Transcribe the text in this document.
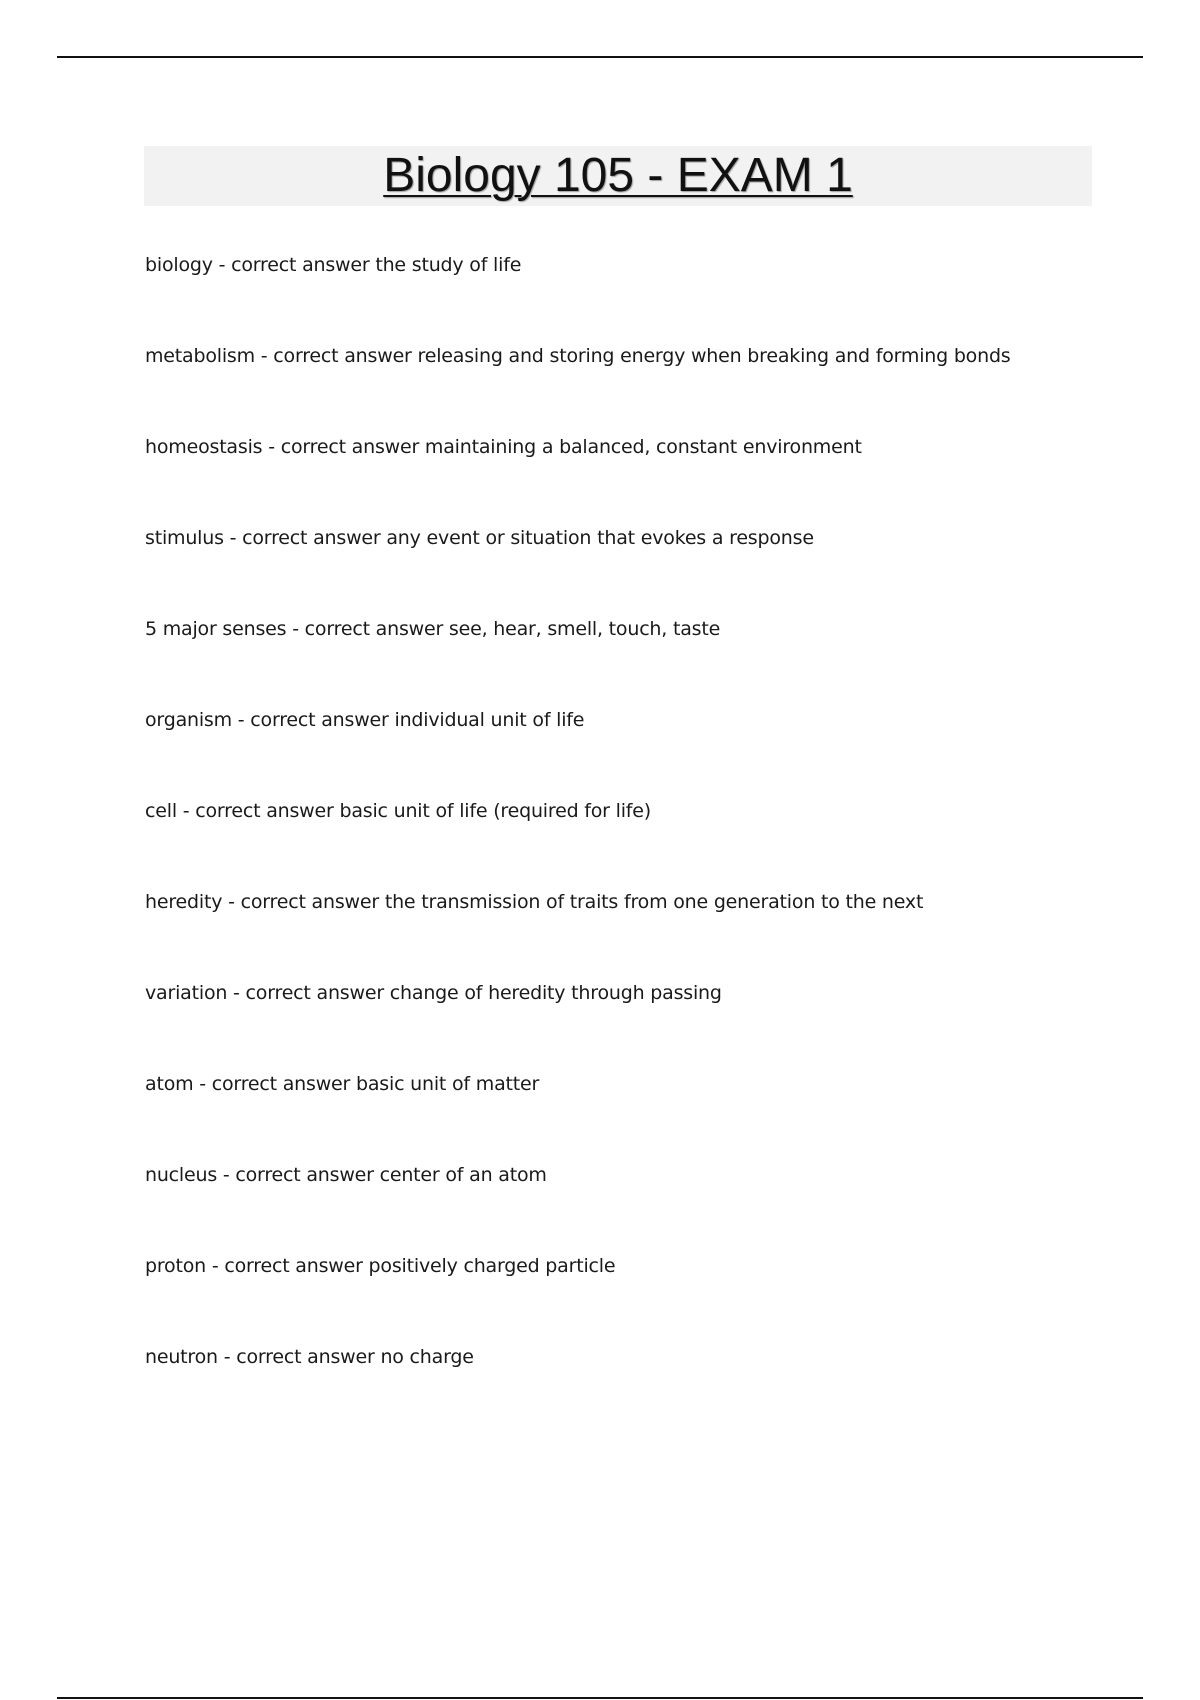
Biology 105 - EXAM 1
biology - correct answer the study of life
metabolism - correct answer releasing and storing energy when breaking and forming bonds
homeostasis - correct answer maintaining a balanced, constant environment
stimulus - correct answer any event or situation that evokes a response
5 major senses - correct answer see, hear, smell, touch, taste
organism - correct answer individual unit of life
cell - correct answer basic unit of life (required for life)
heredity - correct answer the transmission of traits from one generation to the next
variation - correct answer change of heredity through passing
atom - correct answer basic unit of matter
nucleus - correct answer center of an atom
proton - correct answer positively charged particle
neutron - correct answer no charge
